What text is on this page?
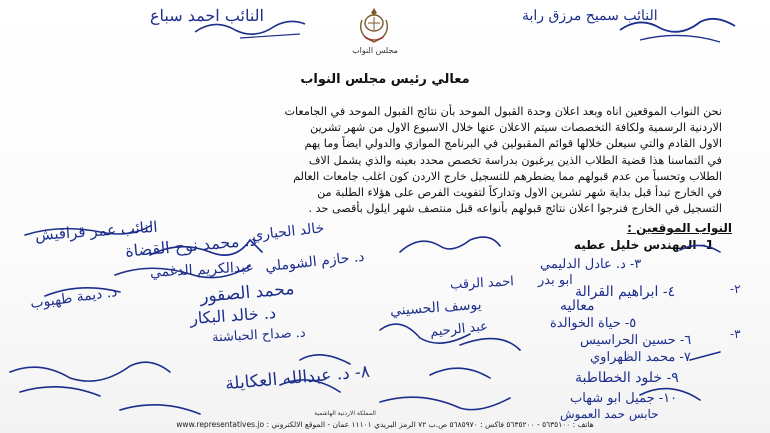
مجلس النواب
النائب احمد سباع	النائب سميح مرزق رابة
معالي رئيس مجلس النواب
نحن النواب الموقعين اناه وبعد اعلان وحدة القبول الموحد بأن نتائج القبول الموحد في الجامعات
الاردنية الرسمية ولكافة التخصصات سيتم الاعلان عنها خلال الاسبوع الاول من شهر تشرين
الاول القادم والتي سيعلن خلالها قوائم المقبولين في البرنامج الموازي والدولي ايضاً وما يهم
في التماسنا هذا قضية الطلاب الذين يرغبون بدراسة تخصص محدد بعينه والذي يشمل الاف
الطلاب وتحسباً من عدم قبولهم مما يضطرهم للتسجيل خارج الاردن كون اغلب جامعات العالم
في الخارج تبدأ قبل بداية شهر تشرين الاول وتداركاً لتفويت الفرص على هؤلاء الطلبة من
التسجيل في الخارج فنرجوا اعلان نتائج قبولهم بأنواعه قبل منتصف شهر ايلول بأقصى حد .
النواب الموقعين :
1- المهندس خليل عطيه
النائب عمر قراقيش
د. محمد نوح القضاة
عبدالكريم الدغمي د. حازم الشوملي
محمد الصقور
د. خالد البكار
خالد الحياري
د. ديمة طهبوب
ابو بدر
احمد الرقب
معاليه
يوسف الحسيني
عبد الرحيم
د. صداح الحباشنة
٣- د. عادل الدليمي
٤- ابراهيم القرالة
٥- حياة الخوالدة
٦- حسين الحراسيس
٧- محمد الظهراوي
٨- د. عبدالله العكايلة	٩- خلود الخطاطبة
١٠- جميل ابو شهاب
حابس حمد العموش
٣-
٢-
المملكة الاردنية الهاشمية
هاتف : ٥٦٣٥١٠٠ - ٥٦٣٥٢٠٠ فاكس : ٥٦٨٥٩٧٠ ص.ب ٧٢ الرمز البريدي ١١١٠١ عمان - الموقع الالكتروني : www.representatives.jo
